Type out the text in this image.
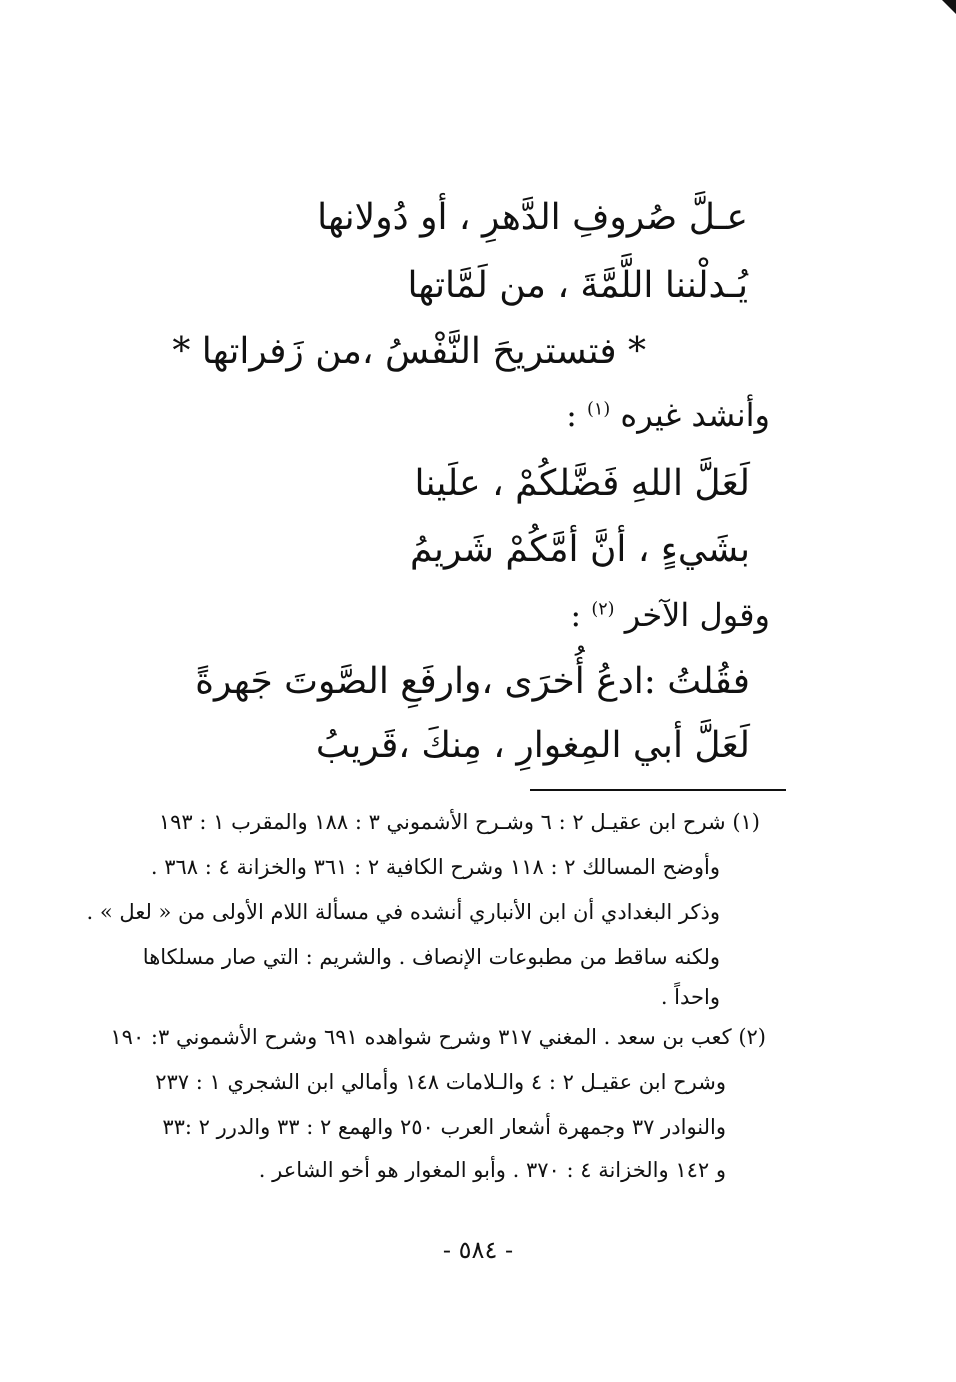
عـلَّ صُروفِ الدَّهرِ ، أو دُولانها
يُـدلْننا اللَّمَّةَ ، من لَمَّاتها
* فتستريحَ النَّفْسُ ،من زَفراتها *
وأنشد غيره $^{(١)}$ :
لَعَلَّ اللهِ فَضَّلكُمْ ، علَينا
بشَيءٍ ، أنَّ أمَّكُمْ شَريمُ
وقول الآخر $^{(٢)}$ :
فقُلتُ :ادعُ أُخرَى ،وارفَعِ الصَّوتَ جَهرةً
لَعَلَّ أبي المِغوارِ ، مِنكَ ،قَريبُ
(١) شرح ابن عقيـل ٢ : ٦ وشـرح الأشموني ٣ : ١٨٨ والمقرب ١ : ١٩٣
وأوضح المسالك ٢ : ١١٨ وشرح الكافية ٢ : ٣٦١ والخزانة ٤ : ٣٦٨ .
وذكر البغدادي أن ابن الأنباري أنشده في مسألة اللام الأولى من « لعل » .
ولكنه ساقط من مطبوعات الإنصاف . والشريم : التي صار مسلكاها
واحداً .
(٢) كعب بن سعد . المغني ٣١٧ وشرح شواهده ٦٩١ وشرح الأشموني ٣: ١٩٠
وشرح ابن عقيـل ٢ : ٤ والـلامات ١٤٨ وأمالي ابن الشجري ١ : ٢٣٧
والنوادر ٣٧ وجمهرة أشعار العرب ٢٥٠ والهمع ٢ : ٣٣ والدرر ٢ :٣٣
و ١٤٢ والخزانة ٤ : ٣٧٠ . وأبو المغوار هو أخو الشاعر .
- ٥٨٤ -
